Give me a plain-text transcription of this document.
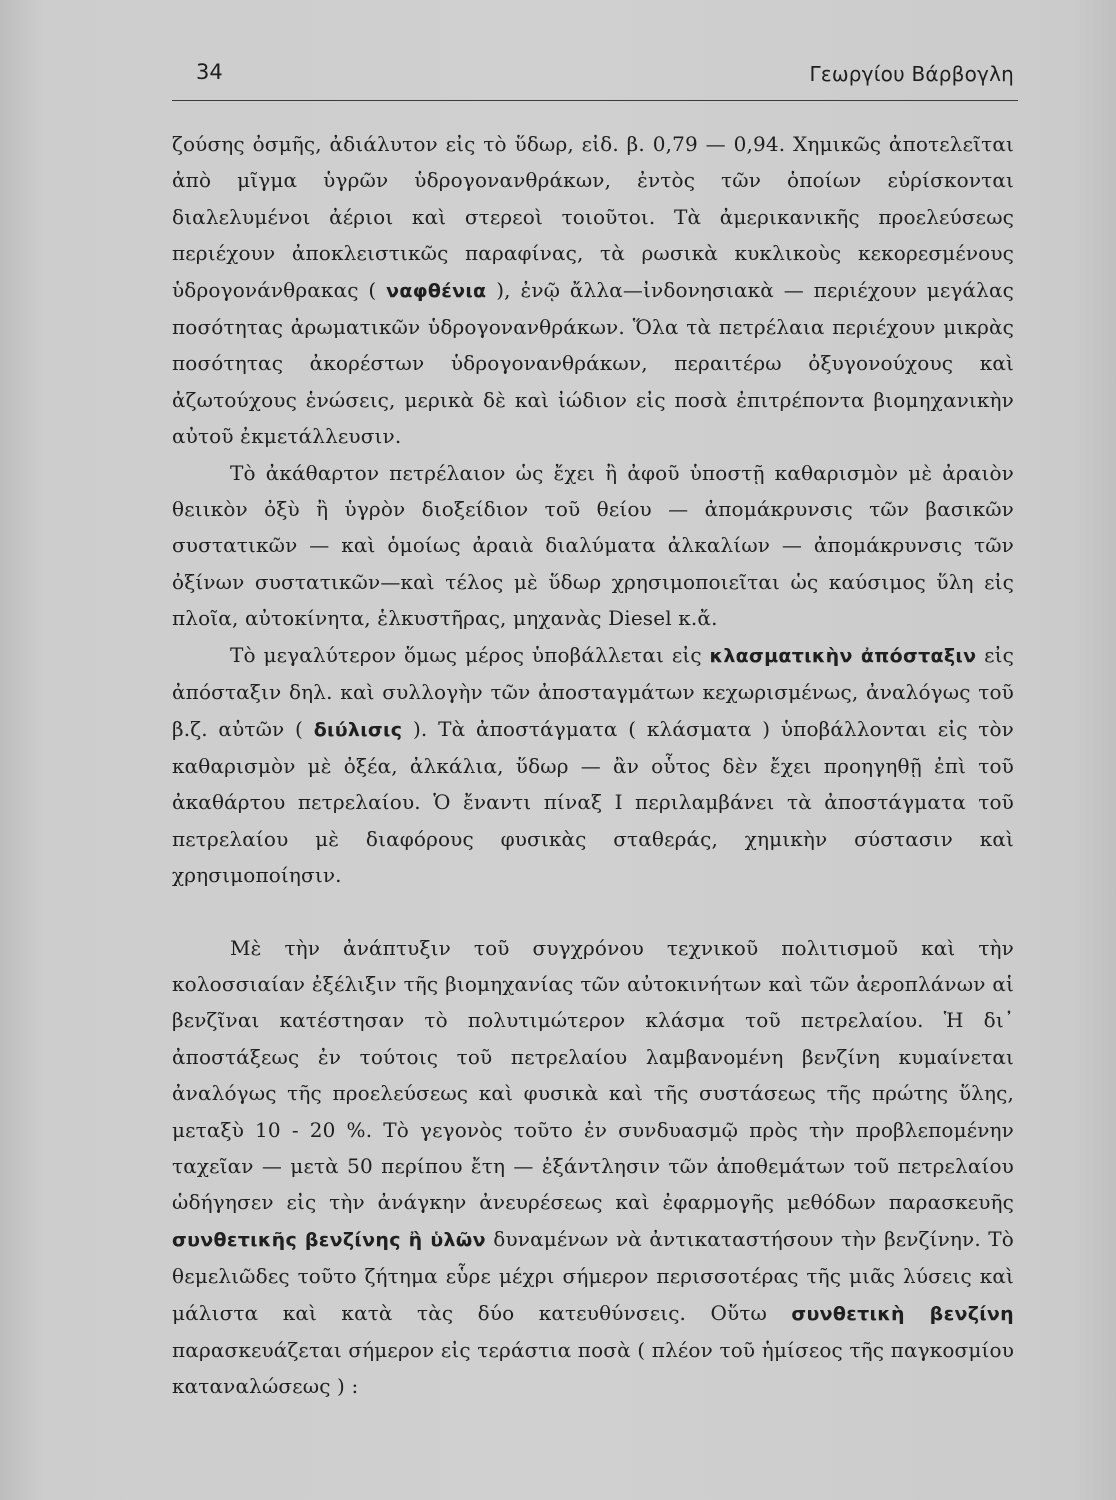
34	Γεωργίου Βάρβογλη

ζούσης ὀσμῆς, ἀδιάλυτον εἰς τὸ ὕδωρ, εἰδ. β. 0,79 — 0,94. Χημικῶς ἀποτελεῖται ἀπὸ μῖγμα ὑγρῶν ὑδρογονανθράκων, ἐντὸς τῶν ὁποίων εὑρίσκονται διαλελυμένοι ἀέριοι καὶ στερεοὶ τοιοῦτοι. Τὰ ἀμερικανικῆς προελεύσεως περιέχουν ἀποκλειστικῶς παραφίνας, τὰ ρωσικὰ κυκλικοὺς κεκορεσμένους ὑδρογονάνθρακας ( ναφθένια ), ἐνῷ ἄλλα—ἰνδονησιακὰ — περιέχουν μεγάλας ποσότητας ἀρωματικῶν ὑδρογονανθράκων. Ὅλα τὰ πετρέλαια περιέχουν μικρὰς ποσότητας ἀκορέστων ὑδρογονανθράκων, περαιτέρω ὀξυγονούχους καὶ ἀζωτούχους ἑνώσεις, μερικὰ δὲ καὶ ἰώδιον εἰς ποσὰ ἐπιτρέποντα βιομηχανικὴν αὐτοῦ ἐκμετάλλευσιν.

Τὸ ἀκάθαρτον πετρέλαιον ὡς ἔχει ἢ ἀφοῦ ὑποστῇ καθαρισμὸν μὲ ἀραιὸν θειικὸν ὀξὺ ἢ ὑγρὸν διοξείδιον τοῦ θείου — ἀπομάκρυνσις τῶν βασικῶν συστατικῶν — καὶ ὁμοίως ἀραιὰ διαλύματα ἀλκαλίων — ἀπομάκρυνσις τῶν ὀξίνων συστατικῶν—καὶ τέλος μὲ ὕδωρ χρησιμοποιεῖται ὡς καύσιμος ὕλη εἰς πλοῖα, αὐτοκίνητα, ἑλκυστῆρας, μηχανὰς Diesel κ.ἄ.

Τὸ μεγαλύτερον ὅμως μέρος ὑποβάλλεται εἰς κλασματικὴν ἀπόσταξιν εἰς ἀπόσταξιν δηλ. καὶ συλλογὴν τῶν ἀποσταγμάτων κεχωρισμένως, ἀναλόγως τοῦ β.ζ. αὐτῶν ( διύλισις ). Τὰ ἀποστάγματα ( κλάσματα ) ὑποβάλλονται εἰς τὸν καθαρισμὸν μὲ ὀξέα, ἀλκάλια, ὕδωρ — ἂν οὗτος δὲν ἔχει προηγηθῇ ἐπὶ τοῦ ἀκαθάρτου πετρελαίου. Ὁ ἔναντι πίναξ I περιλαμβάνει τὰ ἀποστάγματα τοῦ πετρελαίου μὲ διαφόρους φυσικὰς σταθεράς, χημικὴν σύστασιν καὶ χρησιμοποίησιν.

Μὲ τὴν ἀνάπτυξιν τοῦ συγχρόνου τεχνικοῦ πολιτισμοῦ καὶ τὴν κολοσσιαίαν ἐξέλιξιν τῆς βιομηχανίας τῶν αὐτοκινήτων καὶ τῶν ἀεροπλάνων αἱ βενζῖναι κατέστησαν τὸ πολυτιμώτερον κλάσμα τοῦ πετρελαίου. Ἡ δι᾽ ἀποστάξεως ἐν τούτοις τοῦ πετρελαίου λαμβανομένη βενζίνη κυμαίνεται ἀναλόγως τῆς προελεύσεως καὶ φυσικὰ καὶ τῆς συστάσεως τῆς πρώτης ὕλης, μεταξὺ 10 - 20 %. Τὸ γεγονὸς τοῦτο ἐν συνδυασμῷ πρὸς τὴν προβλεπομένην ταχεῖαν — μετὰ 50 περίπου ἔτη — ἐξάντλησιν τῶν ἀποθεμάτων τοῦ πετρελαίου ὡδήγησεν εἰς τὴν ἀνάγκην ἀνευρέσεως καὶ ἐφαρμογῆς μεθόδων παρασκευῆς συνθετικῆς βενζίνης ἢ ὑλῶν δυναμένων νὰ ἀντικαταστήσουν τὴν βενζίνην. Τὸ θεμελιῶδες τοῦτο ζήτημα εὗρε μέχρι σήμερον περισσοτέρας τῆς μιᾶς λύσεις καὶ μάλιστα καὶ κατὰ τὰς δύο κατευθύνσεις. Οὕτω συνθετικὴ βενζίνη παρασκευάζεται σήμερον εἰς τεράστια ποσὰ ( πλέον τοῦ ἡμίσεος τῆς παγκοσμίου καταναλώσεως ) :
